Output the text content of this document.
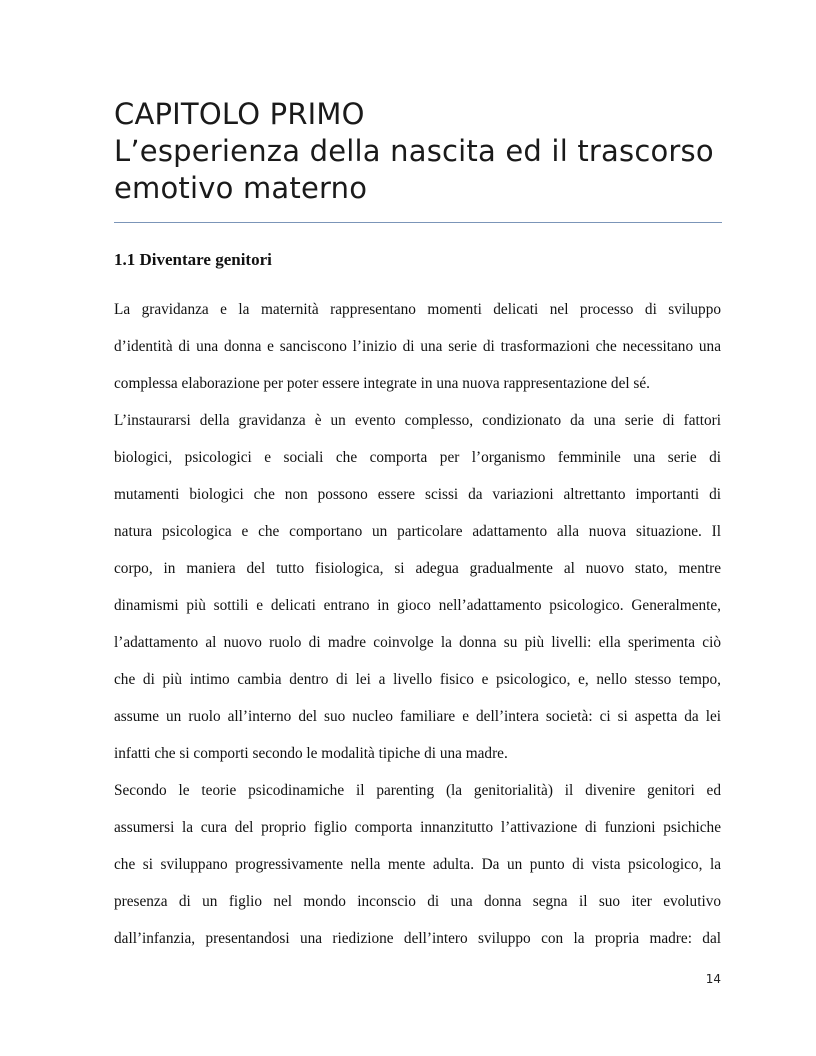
CAPITOLO PRIMO
L’esperienza della nascita ed il trascorso
emotivo materno
1.1 Diventare genitori
La gravidanza e la maternità rappresentano momenti delicati nel processo di sviluppo
d’identità di una donna e sanciscono l’inizio di una serie di trasformazioni che necessitano una
complessa elaborazione per poter essere integrate in una nuova rappresentazione del sé.
L’instaurarsi della gravidanza è un evento complesso, condizionato da una serie di fattori
biologici, psicologici e sociali che comporta per l’organismo femminile una serie di
mutamenti biologici che non possono essere scissi da variazioni altrettanto importanti di
natura psicologica e che comportano un particolare adattamento alla nuova situazione. Il
corpo, in maniera del tutto fisiologica, si adegua gradualmente al nuovo stato, mentre
dinamismi più sottili e delicati entrano in gioco nell’adattamento psicologico. Generalmente,
l’adattamento al nuovo ruolo di madre coinvolge la donna su più livelli: ella sperimenta ciò
che di più intimo cambia dentro di lei a livello fisico e psicologico, e, nello stesso tempo,
assume un ruolo all’interno del suo nucleo familiare e dell’intera società: ci si aspetta da lei
infatti che si comporti secondo le modalità tipiche di una madre.
Secondo le teorie psicodinamiche il parenting (la genitorialità) il divenire genitori ed
assumersi la cura del proprio figlio comporta innanzitutto l’attivazione di funzioni psichiche
che si sviluppano progressivamente nella mente adulta. Da un punto di vista psicologico, la
presenza di un figlio nel mondo inconscio di una donna segna il suo iter evolutivo
dall’infanzia, presentandosi una riedizione dell’intero sviluppo con la propria madre: dal
14
